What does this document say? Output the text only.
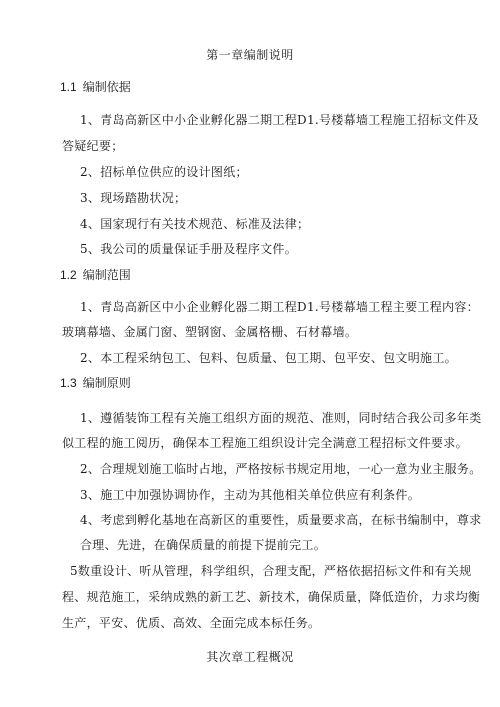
第一章编制说明
1.1 编制依据
1、青岛高新区中小企业孵化器二期工程D1.号楼幕墙工程施工招标文件及
答疑纪要；
2、招标单位供应的设计图纸；
3、现场踏勘状况；
4、国家现行有关技术规范、标准及法律；
5、我公司的质量保证手册及程序文件。
1.2 编制范围
1、青岛高新区中小企业孵化器二期工程D1.号楼幕墙工程主要工程内容：
玻璃幕墙、金属门窗、塑钢窗、金属格栅、石材幕墙。
2、本工程采纳包工、包料、包质量、包工期、包平安、包文明施工。
1.3 编制原则
1、遵循装饰工程有关施工组织方面的规范、准则，同时结合我公司多年类
似工程的施工阅历，确保本工程施工组织设计完全满意工程招标文件要求。
2、合理规划施工临时占地，严格按标书规定用地，一心一意为业主服务。
3、施工中加强协调协作，主动为其他相关单位供应有利条件。
4、考虑到孵化基地在高新区的重要性，质量要求高，在标书编制中，尊求
合理、先进，在确保质量的前提下提前完工。
5数重设计、听从管理，科学组织，合理支配，严格依据招标文件和有关规
程、规范施工，采纳成熟的新工艺、新技术，确保质量，降低造价，力求均衡
生产，平安、优质、高效、全面完成本标任务。
其次章工程概况
